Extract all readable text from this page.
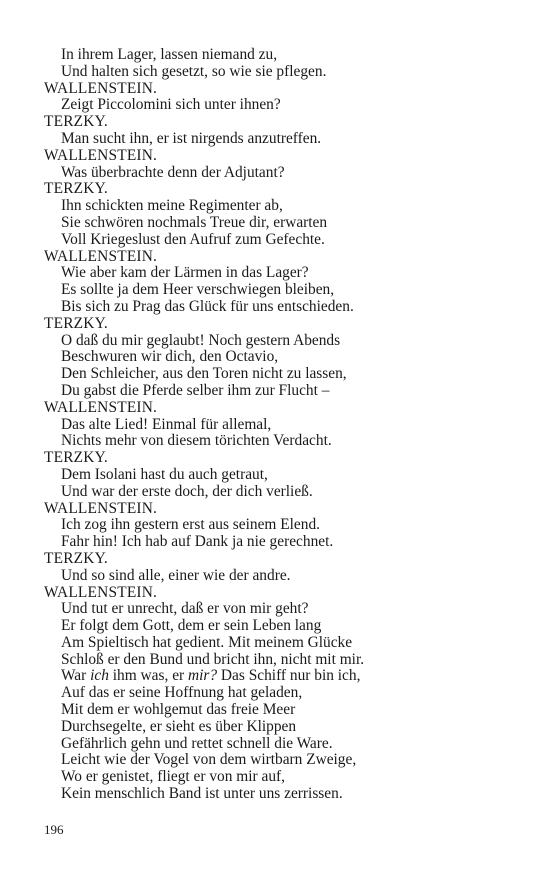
In ihrem Lager, lassen niemand zu,
Und halten sich gesetzt, so wie sie pflegen.
WALLENSTEIN.
Zeigt Piccolomini sich unter ihnen?
TERZKY.
Man sucht ihn, er ist nirgends anzutreffen.
WALLENSTEIN.
Was überbrachte denn der Adjutant?
TERZKY.
Ihn schickten meine Regimenter ab,
Sie schwören nochmals Treue dir, erwarten
Voll Kriegeslust den Aufruf zum Gefechte.
WALLENSTEIN.
Wie aber kam der Lärmen in das Lager?
Es sollte ja dem Heer verschwiegen bleiben,
Bis sich zu Prag das Glück für uns entschieden.
TERZKY.
O daß du mir geglaubt! Noch gestern Abends
Beschwuren wir dich, den Octavio,
Den Schleicher, aus den Toren nicht zu lassen,
Du gabst die Pferde selber ihm zur Flucht –
WALLENSTEIN.
Das alte Lied! Einmal für allemal,
Nichts mehr von diesem törichten Verdacht.
TERZKY.
Dem Isolani hast du auch getraut,
Und war der erste doch, der dich verließ.
WALLENSTEIN.
Ich zog ihn gestern erst aus seinem Elend.
Fahr hin! Ich hab auf Dank ja nie gerechnet.
TERZKY.
Und so sind alle, einer wie der andre.
WALLENSTEIN.
Und tut er unrecht, daß er von mir geht?
Er folgt dem Gott, dem er sein Leben lang
Am Spieltisch hat gedient. Mit meinem Glücke
Schloß er den Bund und bricht ihn, nicht mit mir.
War ich ihm was, er mir? Das Schiff nur bin ich,
Auf das er seine Hoffnung hat geladen,
Mit dem er wohlgemut das freie Meer
Durchsegelte, er sieht es über Klippen
Gefährlich gehn und rettet schnell die Ware.
Leicht wie der Vogel von dem wirtbarn Zweige,
Wo er genistet, fliegt er von mir auf,
Kein menschlich Band ist unter uns zerrissen.
196
